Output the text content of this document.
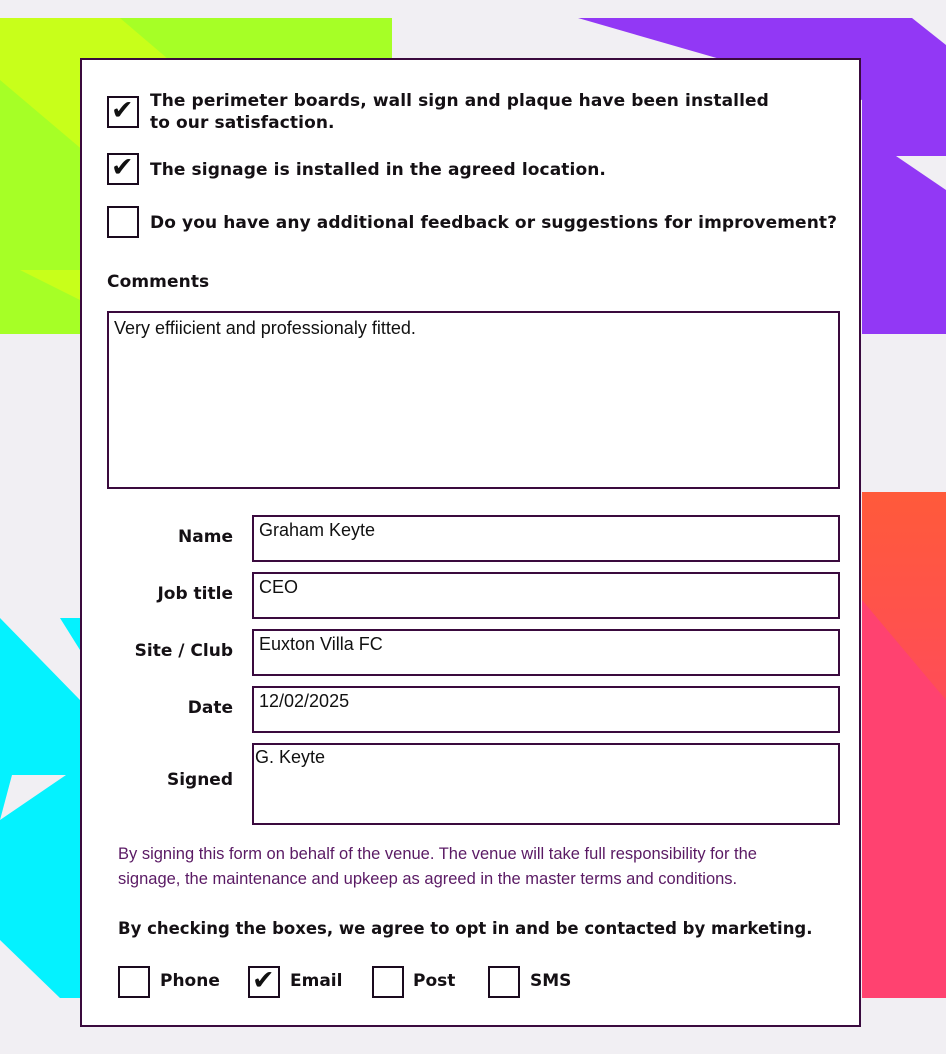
✔ The perimeter boards, wall sign and plaque have been installed
to our satisfaction.
✔ The signage is installed in the agreed location.
Do you have any additional feedback or suggestions for improvement?
Comments
Very effiicient and professionaly fitted.
Name Graham Keyte
Job title CEO
Site / Club Euxton Villa FC
Date 12/02/2025
Signed
G. Keyte
By signing this form on behalf of the venue. The venue will take full responsibility for the
signage, the maintenance and upkeep as agreed in the master terms and conditions.
By checking the boxes, we agree to opt in and be contacted by marketing.
Phone ✔ Email	Post	SMS
